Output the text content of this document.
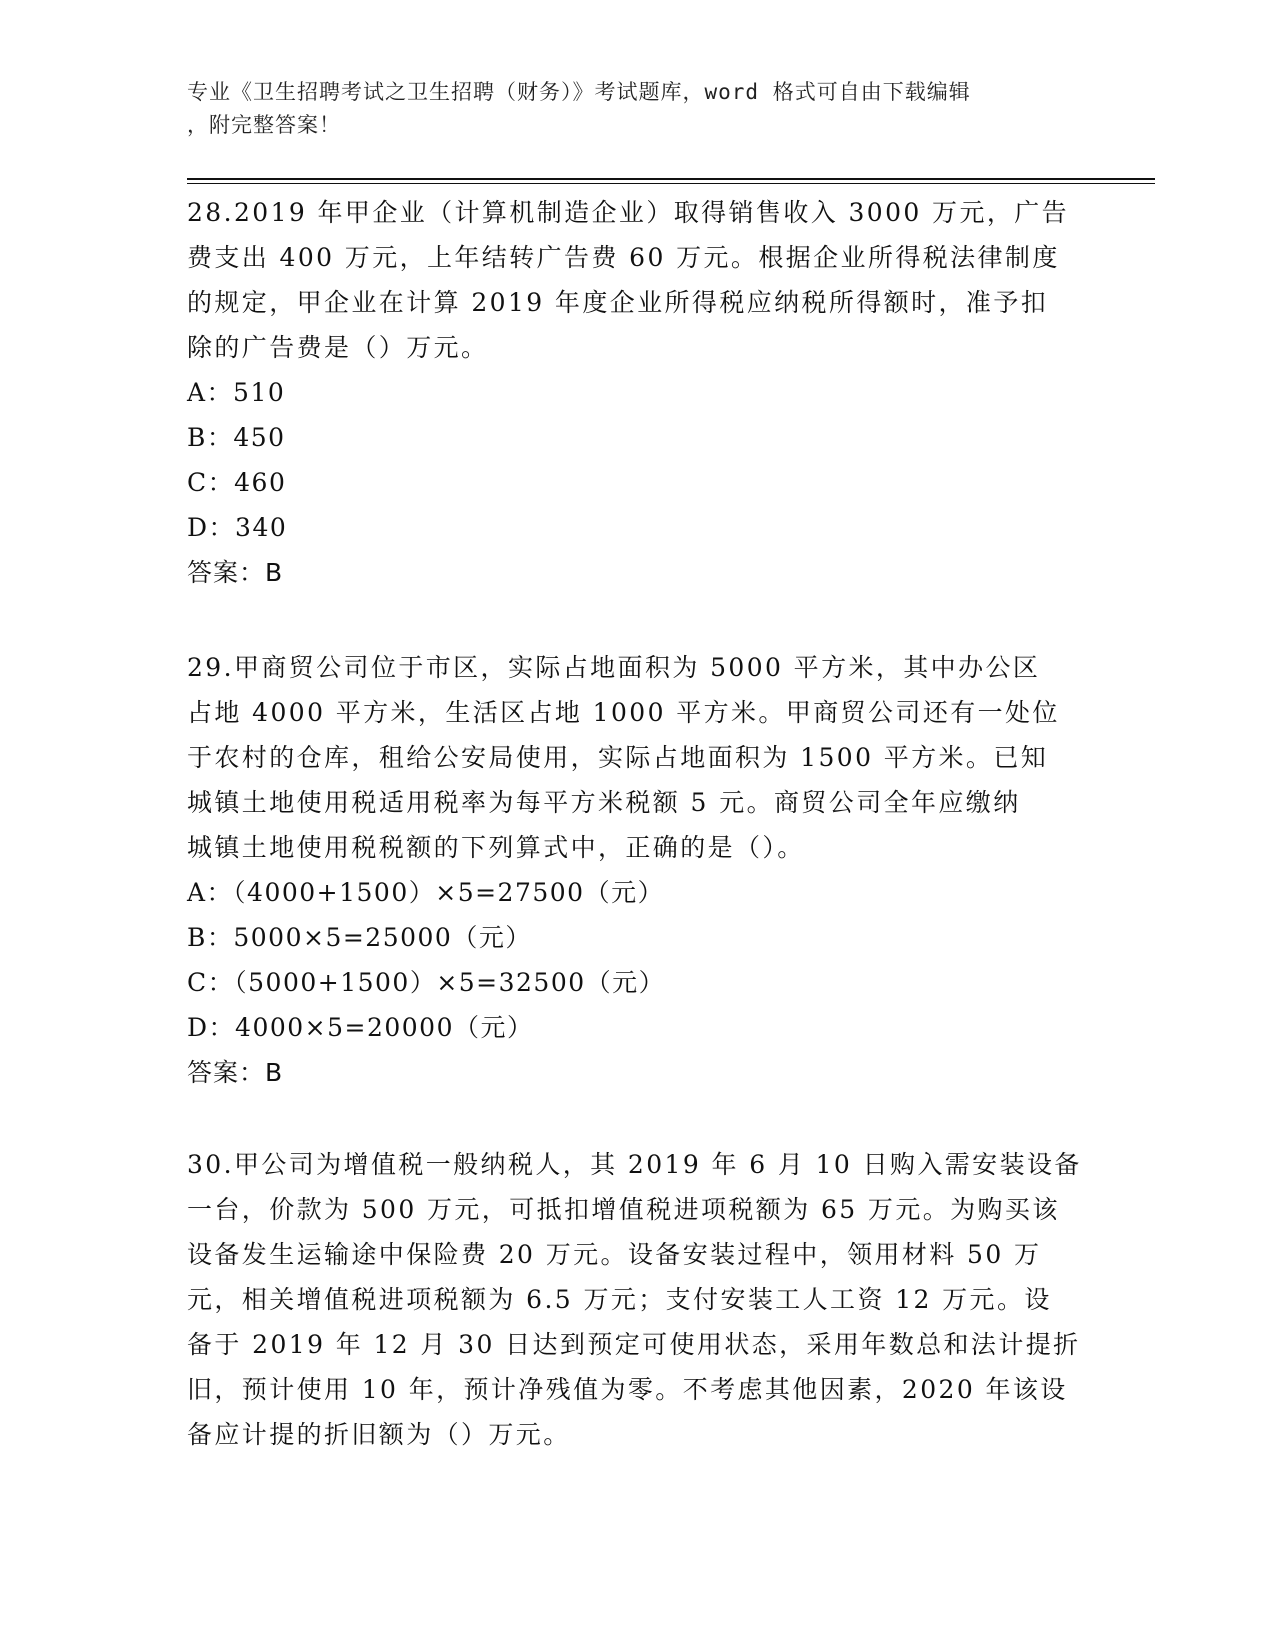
专业《卫生招聘考试之卫生招聘（财务）》考试题库，word 格式可自由下载编辑
，附完整答案！

28.2019 年甲企业（计算机制造企业）取得销售收入 3000 万元，广告

费支出 400 万元，上年结转广告费 60 万元。根据企业所得税法律制度

的规定，甲企业在计算 2019 年度企业所得税应纳税所得额时，准予扣

除的广告费是（）万元。

A：510

B：450

C：460

D：340

答案：B

29.甲商贸公司位于市区，实际占地面积为 5000 平方米，其中办公区

占地 4000 平方米，生活区占地 1000 平方米。甲商贸公司还有一处位

于农村的仓库，租给公安局使用，实际占地面积为 1500 平方米。已知

城镇土地使用税适用税率为每平方米税额 5 元。商贸公司全年应缴纳

城镇土地使用税税额的下列算式中，正确的是（）。

A：（4000+1500）×5=27500（元）

B：5000×5=25000（元）

C：（5000+1500）×5=32500（元）

D：4000×5=20000（元）

答案：B

30.甲公司为增值税一般纳税人，其 2019 年 6 月 10 日购入需安装设备

一台，价款为 500 万元，可抵扣增值税进项税额为 65 万元。为购买该

设备发生运输途中保险费 20 万元。设备安装过程中，领用材料 50 万

元，相关增值税进项税额为 6.5 万元；支付安装工人工资 12 万元。设

备于 2019 年 12 月 30 日达到预定可使用状态，采用年数总和法计提折

旧，预计使用 10 年，预计净残值为零。不考虑其他因素，2020 年该设

备应计提的折旧额为（）万元。
